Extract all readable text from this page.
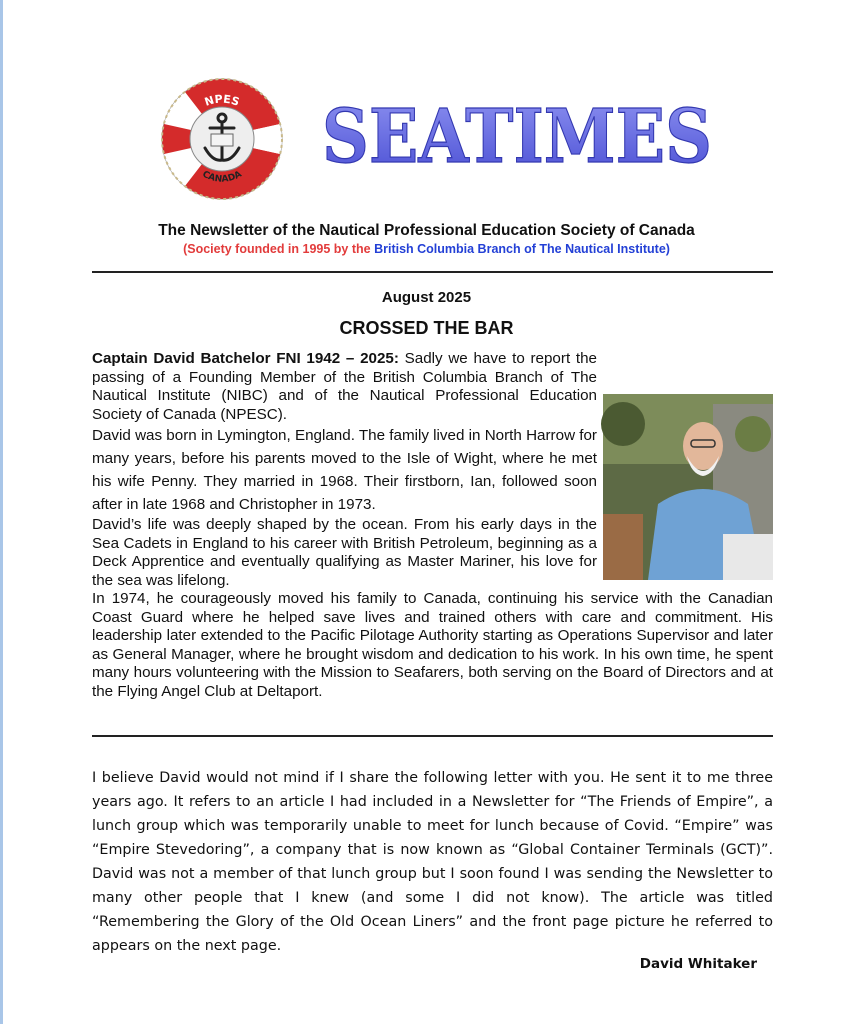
NPES
CANADA SEATIMES
The Newsletter of the Nautical Professional Education Society of Canada
(Society founded in 1995 by the British Columbia Branch of The Nautical Institute)
August 2025
CROSSED THE BAR

Captain David Batchelor FNI 1942 – 2025: Sadly we have to report the passing of a Founding Member of the British Columbia Branch of The Nautical Institute (NIBC) and of the Nautical Professional Education Society of Canada (NPESC).

David was born in Lymington, England. The family lived in North Harrow for many years, before his parents moved to the Isle of Wight, where he met his wife Penny. They married in 1968. Their firstborn, Ian, followed soon after in late 1968 and Christopher in 1973.

David’s life was deeply shaped by the ocean. From his early days in the Sea Cadets in England to his career with British Petroleum, beginning as a Deck Apprentice and eventually qualifying as Master Mariner, his love for the sea was lifelong.

In 1974, he courageously moved his family to Canada, continuing his service with the Canadian Coast Guard where he helped save lives and trained others with care and commitment. His leadership later extended to the Pacific Pilotage Authority starting as Operations Supervisor and later as General Manager, where he brought wisdom and dedication to his work. In his own time, he spent many hours volunteering with the Mission to Seafarers, both serving on the Board of Directors and at the Flying Angel Club at Deltaport.

I believe David would not mind if I share the following letter with you. He sent it to me three years ago. It refers to an article I had included in a Newsletter for “The Friends of Empire”, a lunch group which was temporarily unable to meet for lunch because of Covid. “Empire” was “Empire Stevedoring”, a company that is now known as “Global Container Terminals (GCT)”. David was not a member of that lunch group but I soon found I was sending the Newsletter to many other people that I knew (and some I did not know). The article was titled “Remembering the Glory of the Old Ocean Liners” and the front page picture he referred to appears on the next page.

David Whitaker
